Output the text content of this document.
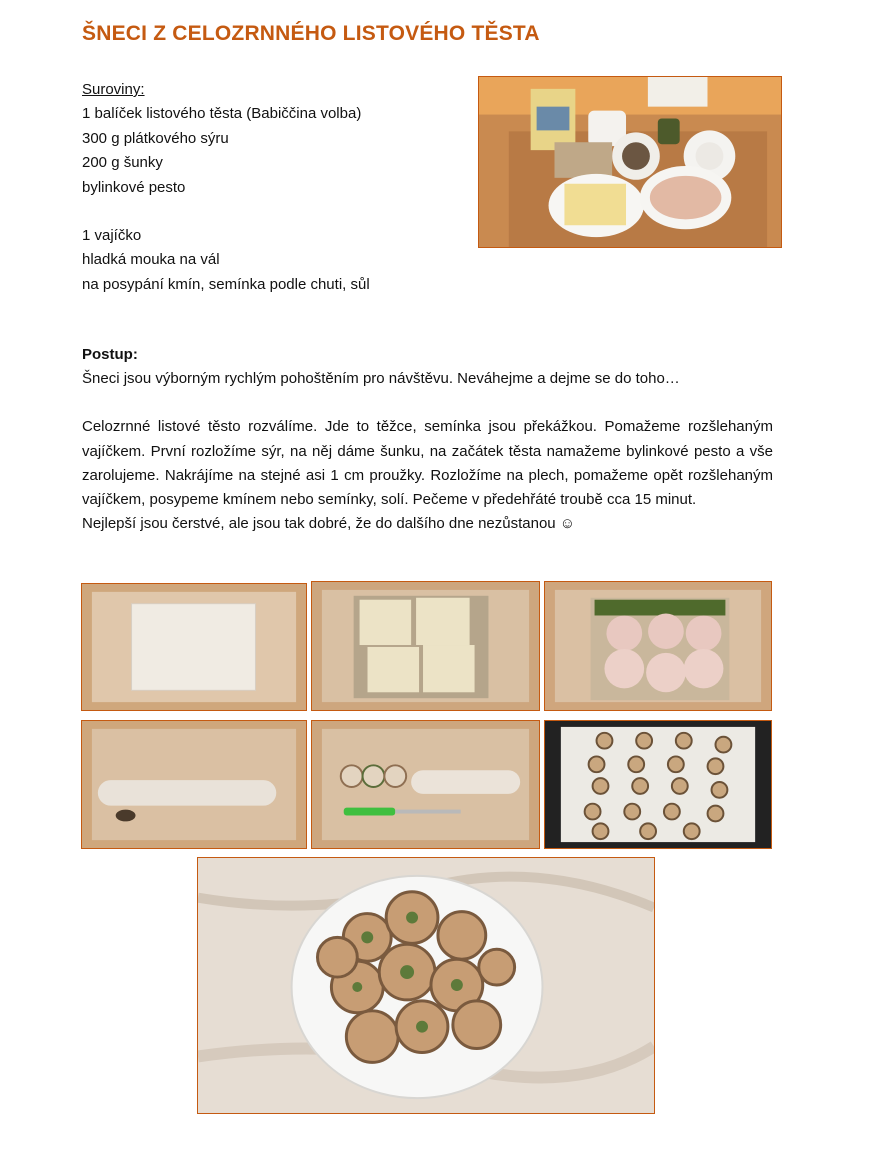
ŠNECI Z CELOZRNNÉHO LISTOVÉHO TĚSTA
Suroviny:
1 balíček listového těsta (Babiččina volba)
300 g plátkového sýru
200 g šunky
bylinkové pesto
1 vajíčko
hladká mouka na vál
na posypání kmín, semínka podle chuti, sůl

Postup:

Šneci jsou výborným rychlým pohoštěním pro návštěvu. Neváhejme a dejme se do toho…

Celozrnné listové těsto rozválíme. Jde to těžce, semínka jsou překážkou. Pomažeme rozšlehaným vajíčkem. První rozložíme sýr, na něj dáme šunku, na začátek těsta namažeme bylinkové pesto a vše zarolujeme. Nakrájíme na stejné asi 1 cm proužky. Rozložíme na plech, pomažeme opět rozšlehaným vajíčkem, posypeme kmínem nebo semínky, solí. Pečeme v předehřáté troubě cca 15 minut.

Nejlepší jsou čerstvé, ale jsou tak dobré, že do dalšího dne nezůstanou ☺
